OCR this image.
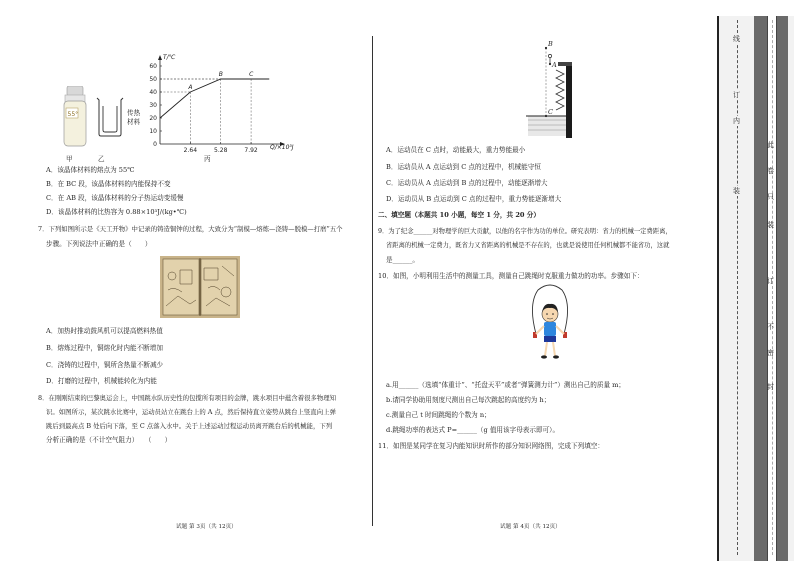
55°	传热
材料
60
50
40
30
20
10
0
2.64	5.28	7.92
T/℃
Q/×10³J
A
B	C
甲	乙	丙
A．该晶体材料的熔点为 55℃
B．在 BC 段，该晶体材料的内能保持不变
C．在 AB 段，该晶体材料的分子热运动变缓慢
D．该晶体材料的比热容为 0.88×10³J/(kg•℃)
7．下列如图所示是《天工开物》中记录的铸造铜钟的过程，大致分为“制模—熔炼—浇铸—脱模—打磨”五个
步骤。下列说法中正确的是（　　）
A．加热时推动鼓风机可以提高燃料热值
B．熔炼过程中，铜熔化时内能不断增加
C．浇铸的过程中，铜所含热量不断减少
D．打磨的过程中，机械能转化为内能
8．在刚刚结束的巴黎奥运会上，中国跳水队历史性的包揽所有项目的金牌，跳水项目中蕴含着很多物理知
识。如图所示，某次跳水比赛中，运动员站立在跳台上的 A 点，然后保持直立姿势从跳台上竖直向上弹
跳后到最高点 B 处后向下落，至 C 点落入水中。关于上述运动过程运动员离开跳台后的机械能，下列
分析正确的是（不计空气阻力）　　（　　）
试题 第 3页（共 12页）
B
A
C
A．运动员在 C 点时，动能最大，重力势能最小
B．运动员从 A 点运动到 C 点的过程中，机械能守恒
C．运动员从 A 点运动到 B 点的过程中，动能逐渐增大
D．运动员从 B 点运动到 C 点的过程中，重力势能逐渐增大
二、填空题（本题共 10 小题，每空 1 分，共 20 分）
9．为了纪念______对物理学的巨大贡献，以他的名字作为功的单位。研究表明：省力的机械一定费距离，
省距离的机械一定费力，既省力又省距离的机械是不存在的，也就是说使用任何机械都不能省功，这就
是______。
10．如图，小明利用生活中的测量工具，测量自己跳绳时克服重力做功的功率。步骤如下：
a.用______（选填“体重计”、“托盘天平”或者“弹簧测力计”）测出自己的质量 m；
b.请同学协助用刻度尺测出自己每次跳起的高度约为 h；
c.测量自己 t 时间跳绳的个数为 n；
d.跳绳功率的表达式 P=______（g 值用该字母表示即可）。
11．如图是某同学在复习内能知识时所作的部分知识网络图，完成下列填空：
试题 第 4页（共 12页）
线
订
装
内
此
卷
只
装
订
不
密
封
